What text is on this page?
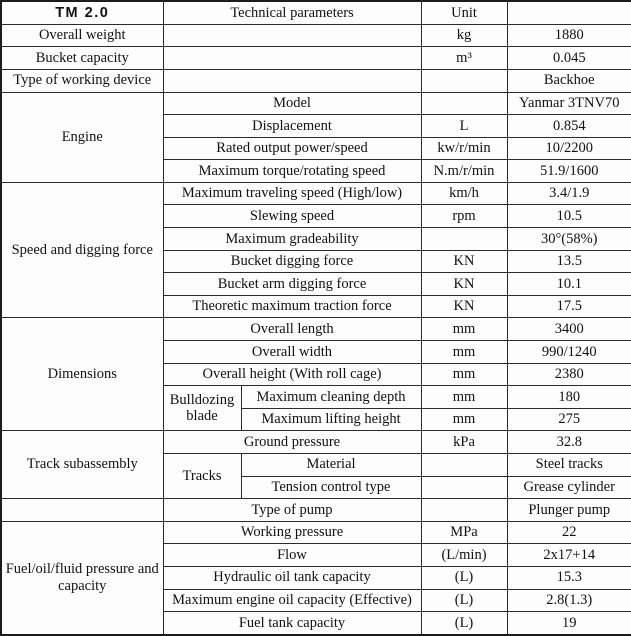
TM 2.0	Technical parameters		Unit	
Overall weight			kg	1880
Bucket capacity			m³	0.045
Type of working device				Backhoe
Engine	Model			Yanmar 3TNV70
	Displacement		L	0.854
	Rated output power/speed		kw/r/min	10/2200
	Maximum torque/rotating speed		N.m/r/min	51.9/1600
Speed and digging force	Maximum traveling speed (High/low)		km/h	3.4/1.9
	Slewing speed		rpm	10.5
	Maximum gradeability			30°(58%)
	Bucket digging force		KN	13.5
	Bucket arm digging force		KN	10.1
	Theoretic maximum traction force		KN	17.5
Dimensions	Overall length		mm	3400
	Overall width		mm	990/1240
	Overall height (With roll cage)		mm	2380
	Bulldozing blade	Maximum cleaning depth	mm	180
		Maximum lifting height	mm	275
Track subassembly	Ground pressure		kPa	32.8
	Tracks	Material		Steel tracks
		Tension control type		Grease cylinder
	Type of pump			Plunger pump
Fuel/oil/fluid pressure and capacity	Working pressure		MPa	22
	Flow		(L/min)	2x17+14
	Hydraulic oil tank capacity		(L)	15.3
	Maximum engine oil capacity (Effective)		(L)	2.8(1.3)
	Fuel tank capacity		(L)	19
